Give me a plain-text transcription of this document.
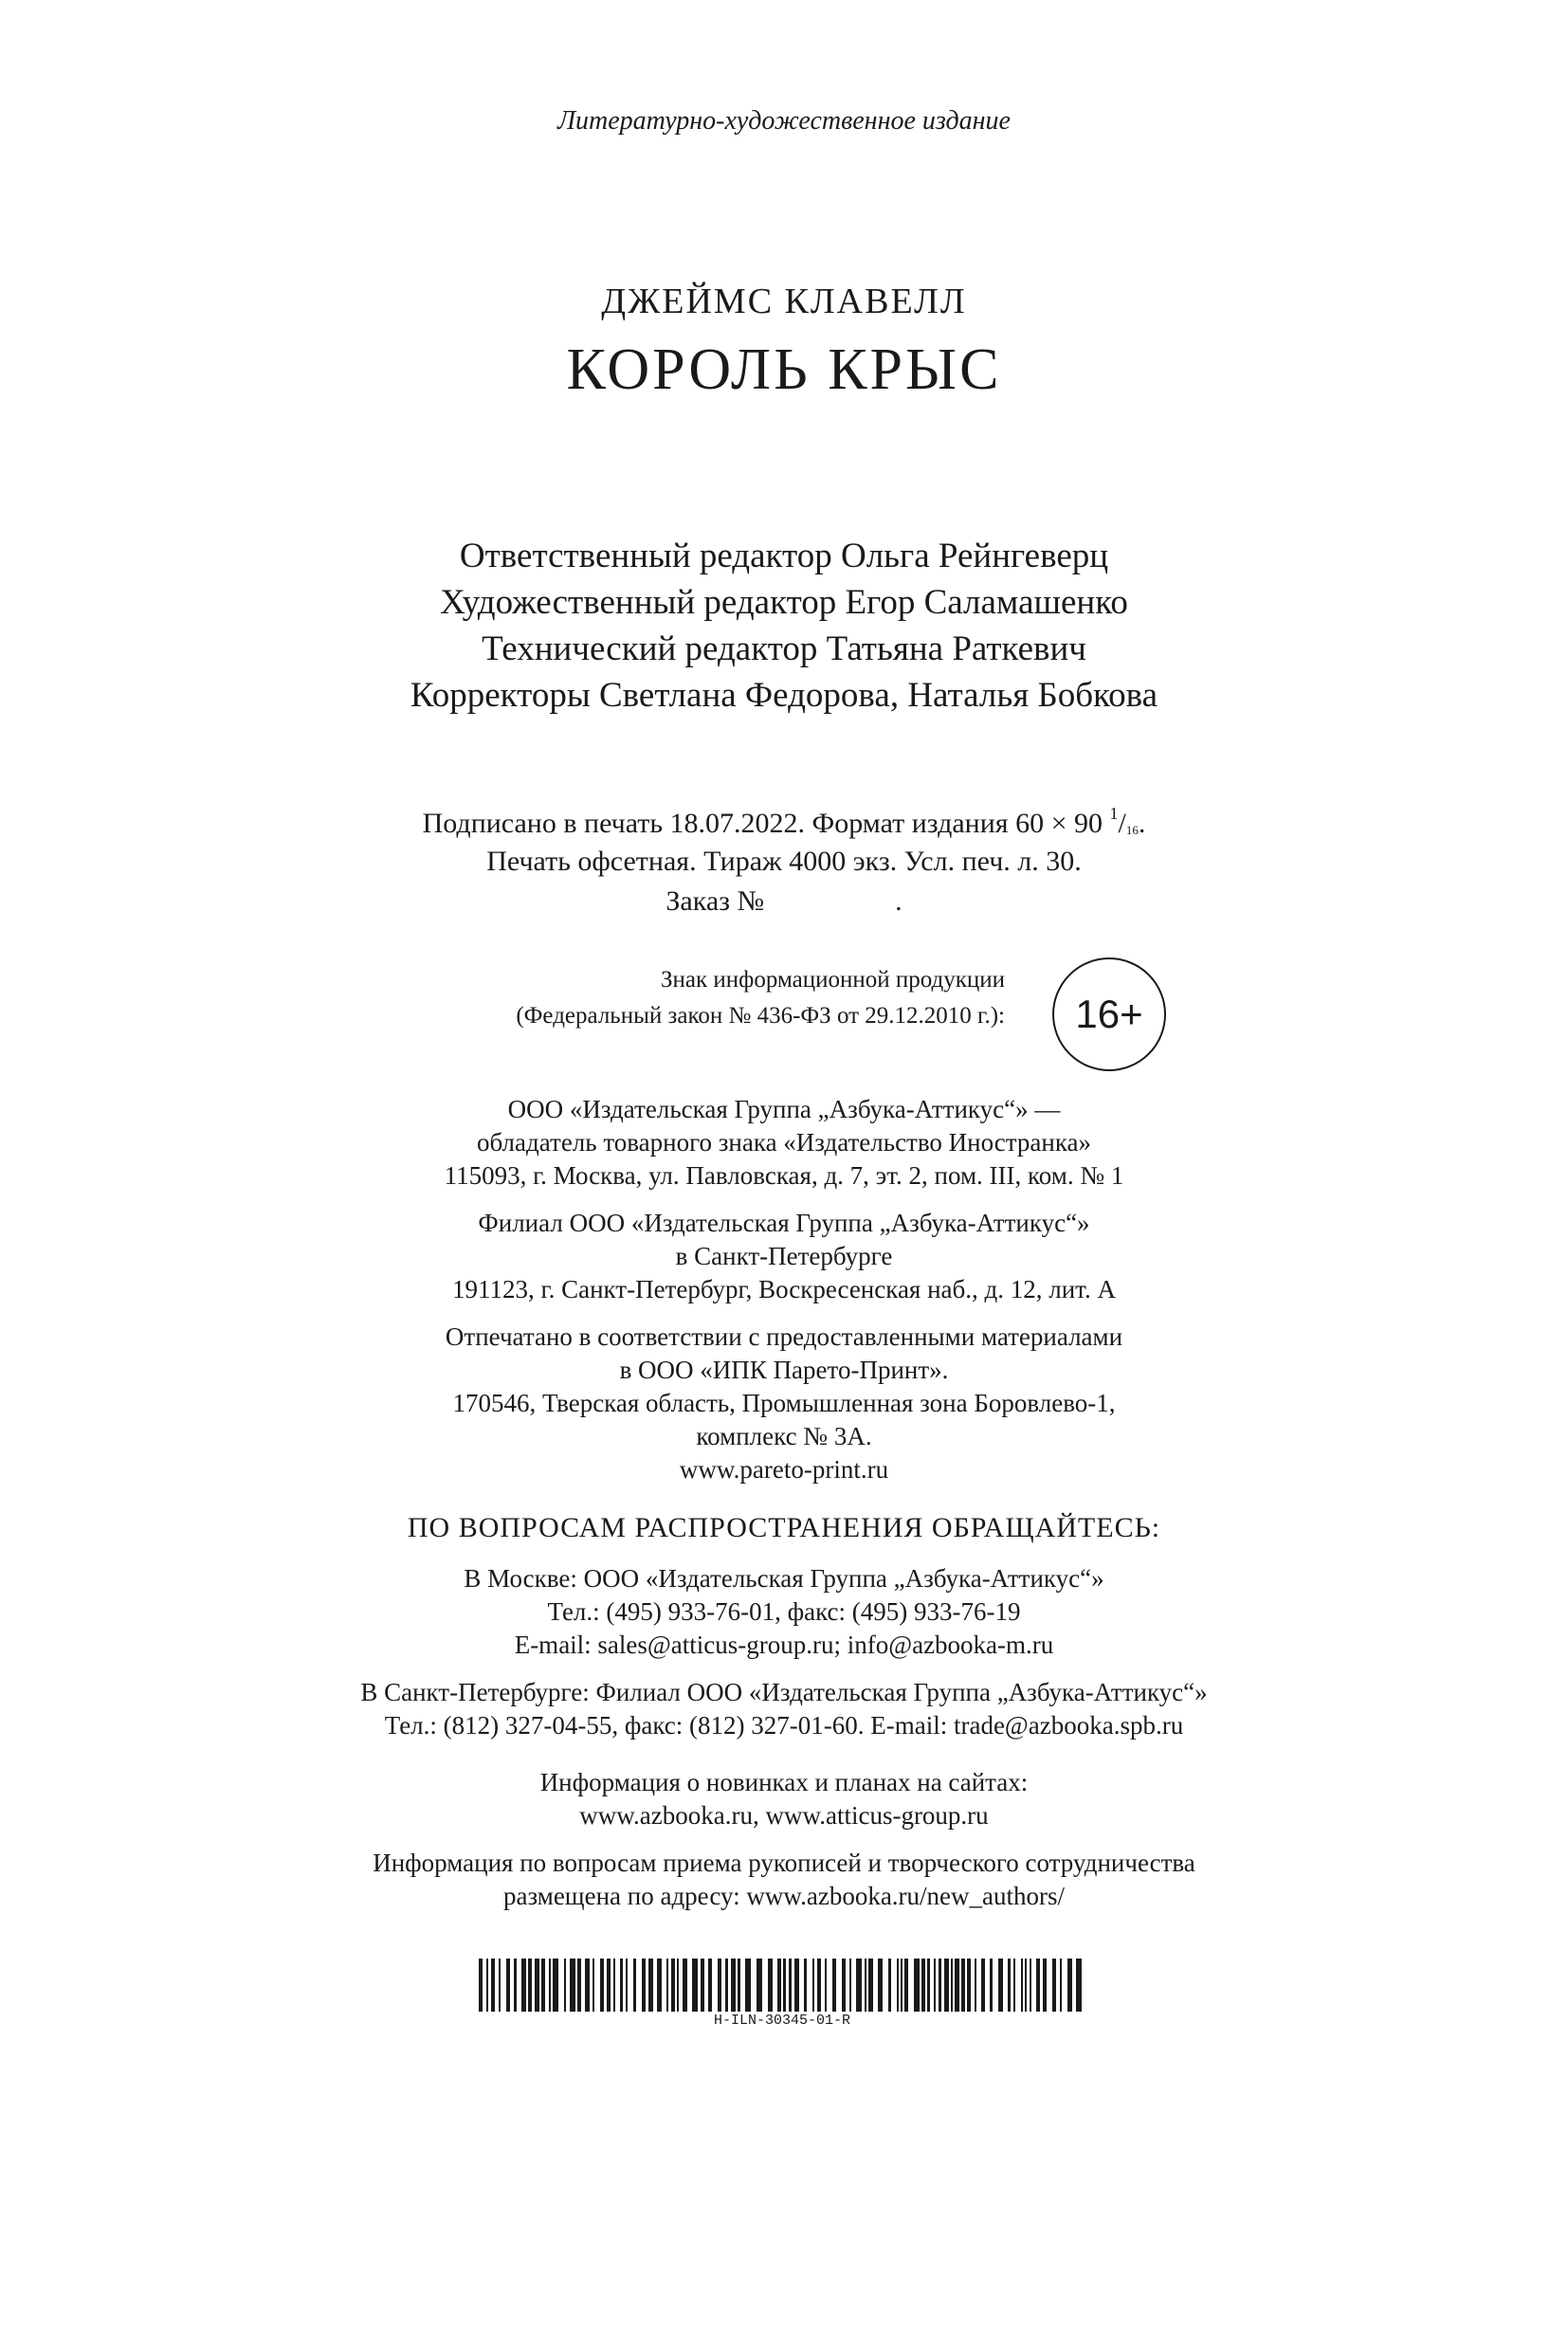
Литературно-художественное издание
ДЖЕЙМС КЛАВЕЛЛ
КОРОЛЬ КРЫС
Ответственный редактор Ольга Рейнгеверц
Художественный редактор Егор Саламашенко
Технический редактор Татьяна Раткевич
Корректоры Светлана Федорова, Наталья Бобкова
Подписано в печать 18.07.2022. Формат издания 60 × 90 $^1$/16.
Печать офсетная. Тираж 4000 экз. Усл. печ. л. 30.
Заказ №	.
Знак информационной продукции
(Федеральный закон № 436-ФЗ от 29.12.2010 г.):	16+
ООО «Издательская Группа „Азбука-Аттикус“» —
обладатель товарного знака «Издательство Иностранка»
115093, г. Москва, ул. Павловская, д. 7, эт. 2, пом. III, ком. № 1
Филиал ООО «Издательская Группа „Азбука-Аттикус“»
в Санкт-Петербурге
191123, г. Санкт-Петербург, Воскресенская наб., д. 12, лит. А
Отпечатано в соответствии с предоставленными материалами
в ООО «ИПК Парето-Принт».
170546, Тверская область, Промышленная зона Боровлево-1,
комплекс № 3А.
www.pareto-print.ru
ПО ВОПРОСАМ РАСПРОСТРАНЕНИЯ ОБРАЩАЙТЕСЬ:
В Москве: ООО «Издательская Группа „Азбука-Аттикус“»
Тел.: (495) 933-76-01, факс: (495) 933-76-19
E-mail: sales@atticus-group.ru; info@azbooka-m.ru
В Санкт-Петербурге: Филиал ООО «Издательская Группа „Азбука-Аттикус“»
Тел.: (812) 327-04-55, факс: (812) 327-01-60. E-mail: trade@azbooka.spb.ru
Информация о новинках и планах на сайтах:
www.azbooka.ru, www.atticus-group.ru
Информация по вопросам приема рукописей и творческого сотрудничества
размещена по адресу: www.azbooka.ru/new_authors/
H-ILN-30345-01-R
